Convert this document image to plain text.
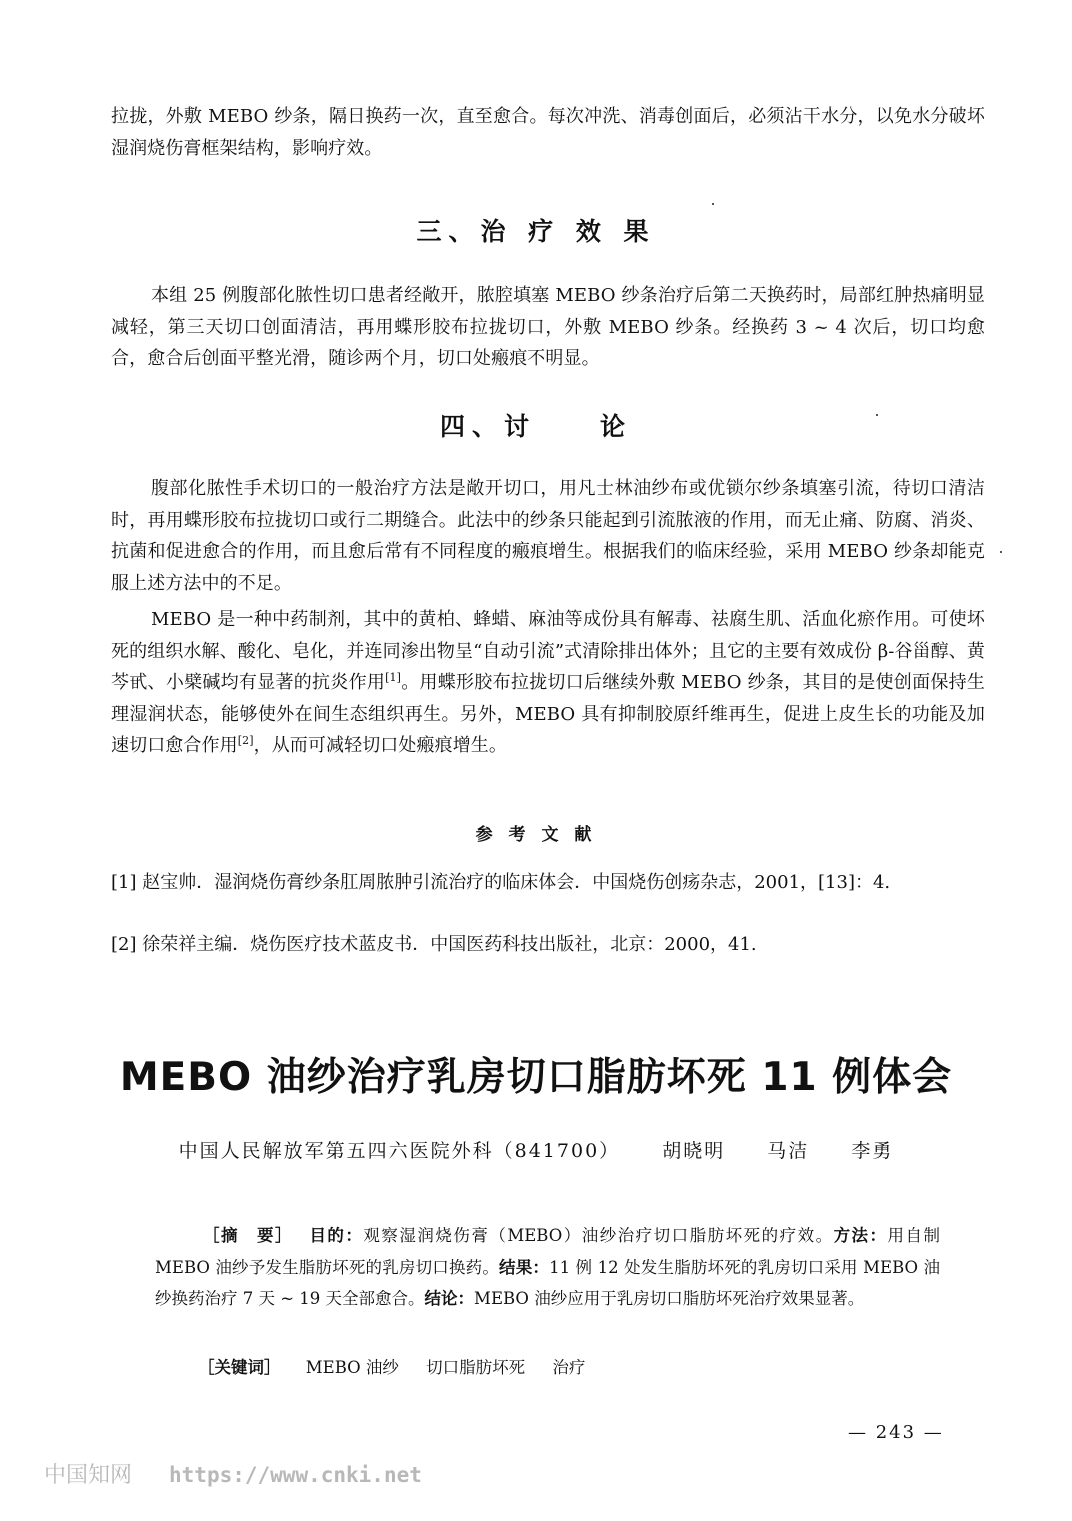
拉拢，外敷 MEBO 纱条，隔日换药一次，直至愈合。每次冲洗、消毒创面后，必须沾干水分，以免水分破坏湿润烧伤膏框架结构，影响疗效。

三、治 疗 效 果

本组 25 例腹部化脓性切口患者经敞开，脓腔填塞 MEBO 纱条治疗后第二天换药时，局部红肿热痛明显减轻，第三天切口创面清洁，再用蝶形胶布拉拢切口，外敷 MEBO 纱条。经换药 3 ~ 4 次后，切口均愈合，愈合后创面平整光滑，随诊两个月，切口处瘢痕不明显。

四、讨　　论

腹部化脓性手术切口的一般治疗方法是敞开切口，用凡士林油纱布或优锁尔纱条填塞引流，待切口清洁时，再用蝶形胶布拉拢切口或行二期缝合。此法中的纱条只能起到引流脓液的作用，而无止痛、防腐、消炎、抗菌和促进愈合的作用，而且愈后常有不同程度的瘢痕增生。根据我们的临床经验，采用 MEBO 纱条却能克服上述方法中的不足。

MEBO 是一种中药制剂，其中的黄柏、蜂蜡、麻油等成份具有解毒、祛腐生肌、活血化瘀作用。可使坏死的组织水解、酸化、皂化，并连同渗出物呈“自动引流”式清除排出体外；且它的主要有效成份 β-谷甾醇、黄芩甙、小檗碱均有显著的抗炎作用[1]。用蝶形胶布拉拢切口后继续外敷 MEBO 纱条，其目的是使创面保持生理湿润状态，能够使外在间生态组织再生。另外，MEBO 具有抑制胶原纤维再生，促进上皮生长的功能及加速切口愈合作用[2]，从而可减轻切口处瘢痕增生。

参 考 文 献
[1] 赵宝帅．湿润烧伤膏纱条肛周脓肿引流治疗的临床体会．中国烧伤创疡杂志，2001，[13]：4.
[2] 徐荣祥主编．烧伤医疗技术蓝皮书．中国医药科技出版社，北京：2000，41.
MEBO 油纱治疗乳房切口脂肪坏死 11 例体会
中国人民解放军第五四六医院外科（841700） 胡晓明 马洁 李勇
［摘　要］　 目的：观察湿润烧伤膏（MEBO）油纱治疗切口脂肪坏死的疗效。方法：用自制 MEBO 油纱予发生脂肪坏死的乳房切口换药。结果：11 例 12 处发生脂肪坏死的乳房切口采用 MEBO 油纱换药治疗 7 天 ~ 19 天全部愈合。结论：MEBO 油纱应用于乳房切口脂肪坏死治疗效果显著。
［关键词］ MEBO 油纱 切口脂肪坏死 治疗
— 243 —
中国知网 https://www.cnki.net
